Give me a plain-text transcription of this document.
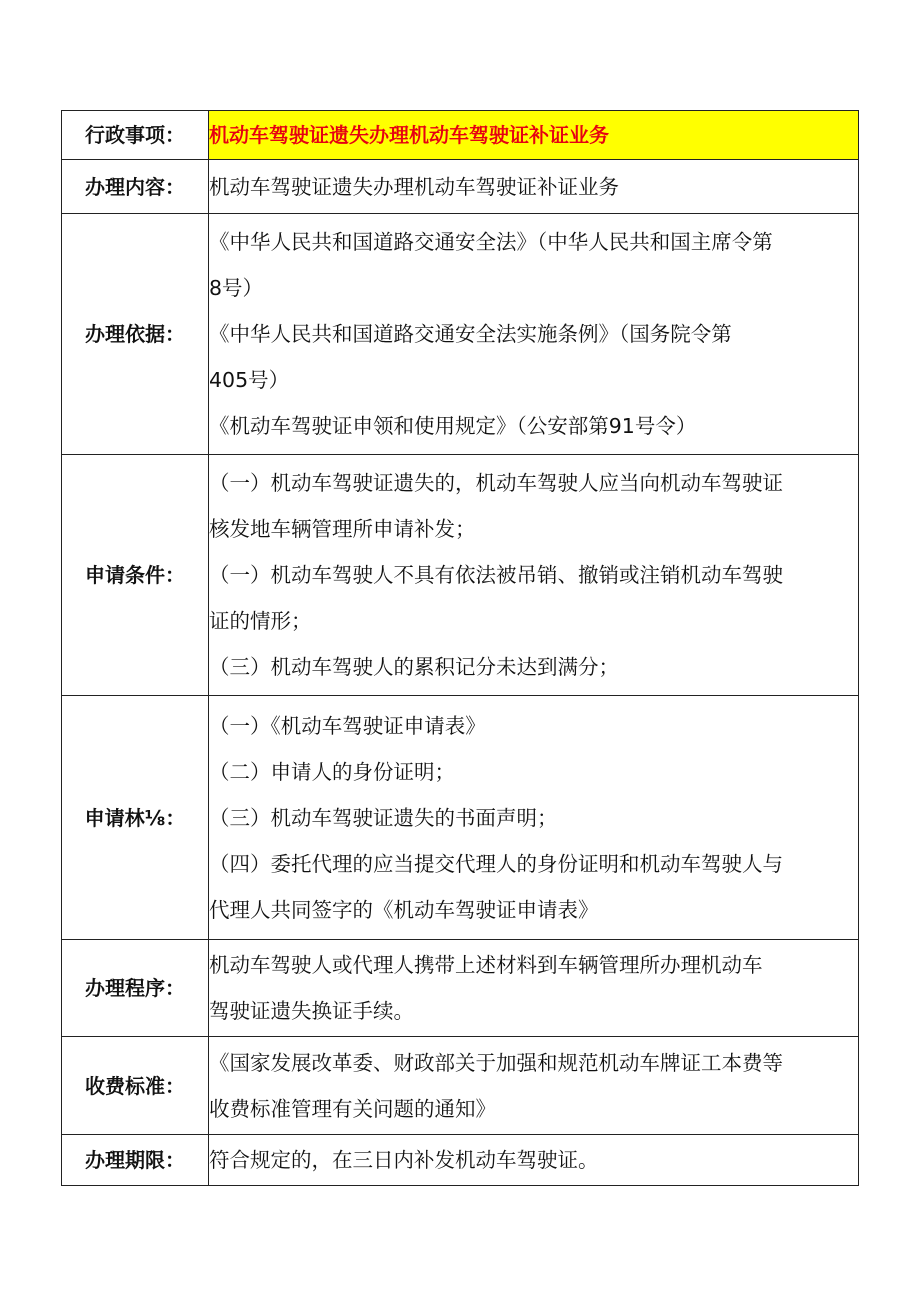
行政事项：	机动车驾驶证遗失办理机动车驾驶证补证业务

办理内容：	机动车驾驶证遗失办理机动车驾驶证补证业务

办理依据：	《中华人民共和国道路交通安全法》（中华人民共和国主席令第

8号）

《中华人民共和国道路交通安全法实施条例》（国务院令第

405号）

《机动车驾驶证申领和使用规定》（公安部第91号令）

申请条件：	（一）机动车驾驶证遗失的，机动车驾驶人应当向机动车驾驶证

核发地车辆管理所申请补发；

（一）机动车驾驶人不具有依法被吊销、撤销或注销机动车驾驶

证的情形；

（三）机动车驾驶人的累积记分未达到满分；

申请林⅛：	（一）《机动车驾驶证申请表》

（二）申请人的身份证明；

（三）机动车驾驶证遗失的书面声明；

（四）委托代理的应当提交代理人的身份证明和机动车驾驶人与

代理人共同签字的《机动车驾驶证申请表》

办理程序：	机动车驾驶人或代理人携带上述材料到车辆管理所办理机动车

驾驶证遗失换证手续。

收费标准：	《国家发展改革委、财政部关于加强和规范机动车牌证工本费等

收费标准管理有关问题的通知》

办理期限：	符合规定的，在三日内补发机动车驾驶证。
